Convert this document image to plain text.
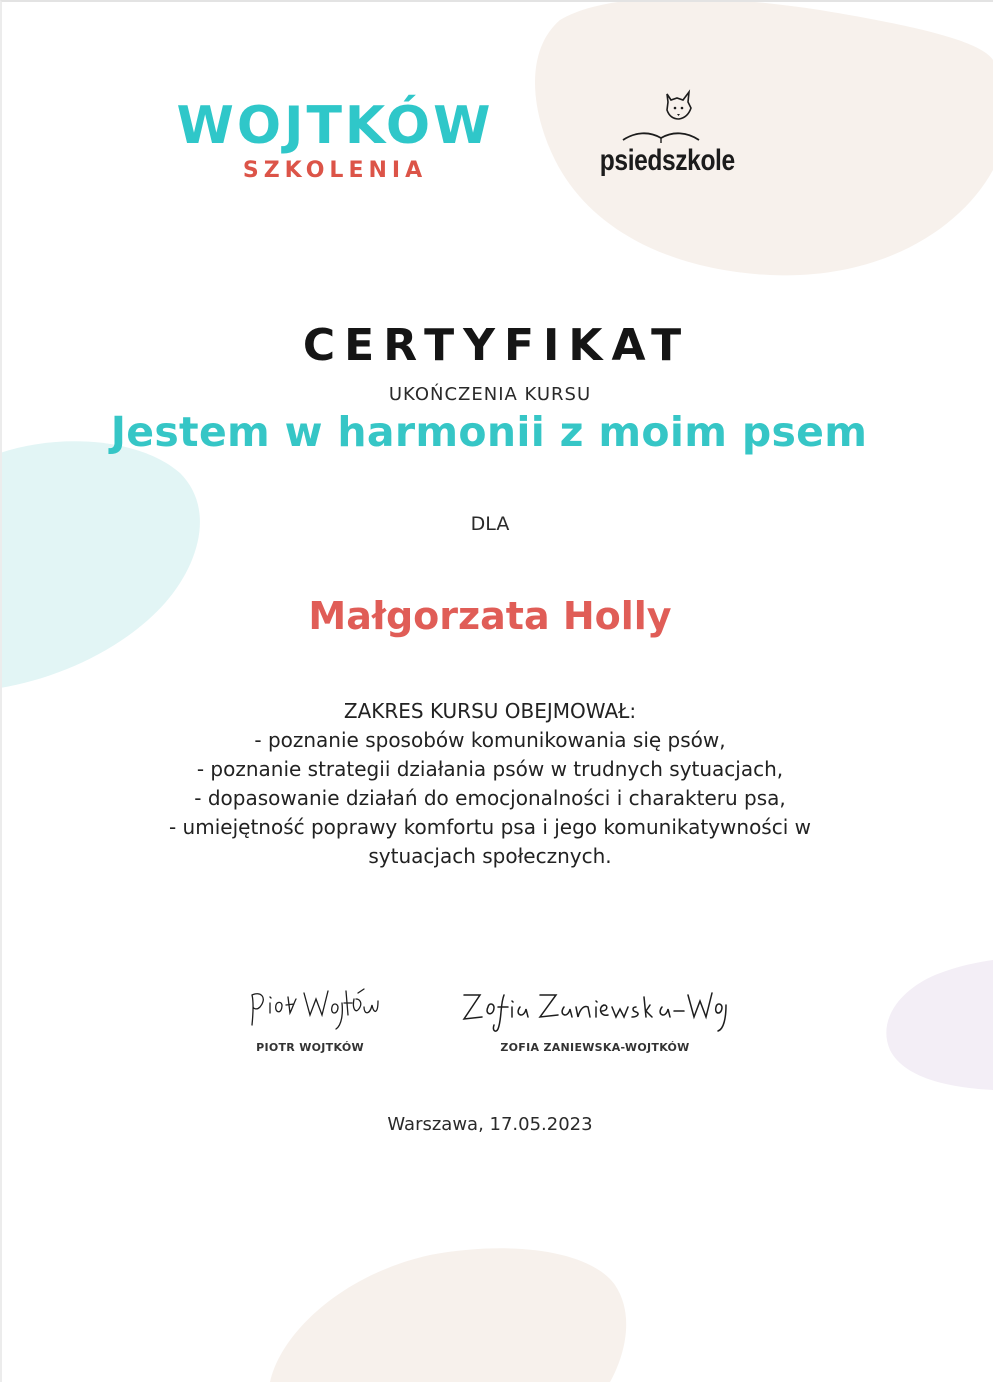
WOJTKÓW
SZKOLENIA	psiedszkole
CERTYFIKAT
UKOŃCZENIA KURSU
Jestem w harmonii z moim psem
DLA
Małgorzata Holly
ZAKRES KURSU OBEJMOWAŁ:
- poznanie sposobów komunikowania się psów,
- poznanie strategii działania psów w trudnych sytuacjach,
- dopasowanie działań do emocjonalności i charakteru psa,
- umiejętność poprawy komfortu psa i jego komunikatywności w
sytuacjach społecznych.
PIOTR WOJTKÓW	ZOFIA ZANIEWSKA-WOJTKÓW
Warszawa, 17.05.2023
